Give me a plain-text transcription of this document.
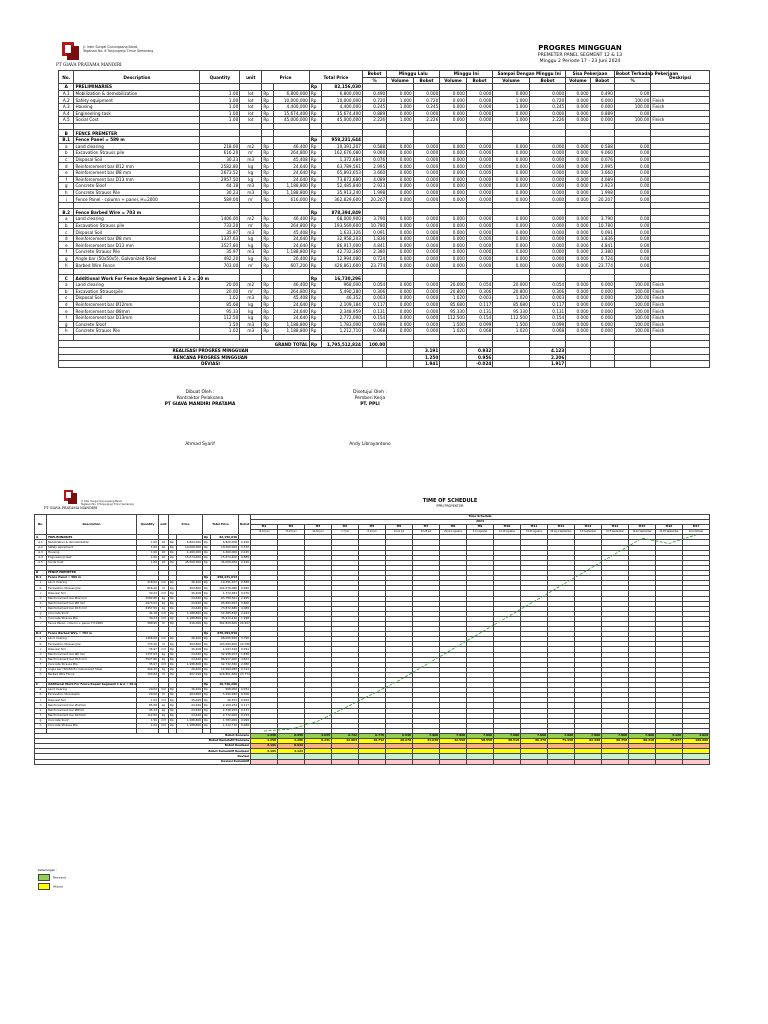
PT GIAVA PRATAMA MANDIRI
Jl. Inter Sungai Gunungsang Barat,
Tegalsari No. 8 Tanjungrejo Timur Semarang	PROGRES MINGGUAN
PREMETER PANEL SEGMENT 12 & 13
Minggu 2 Periode 17 - 23 Juni 2024
No.	Description	Quantity	unit	Price		Total Price		Bobot	Minggu Lalu		Minggu Ini		Sampai Dengan Minggu Ini		Sisa Pekerjaan		Bobot Terhadap Pekerjaan	Deskripsi
								%	Volume	Bobot	Volume	Bobot	Volume	Bobot	Volume	Bobot	%	
A	PRELIMINARIES					Rp	82,156,030											
A.1	Mobilization & demobilization	1.00	lot	Rp	6,800,000	Rp	6,800,000	0.490	0.000	0.000	0.000	0.000	0.000	0.000	0.000	0.490	0.00	
A.2	Safety equipment	1.00	lot	Rp	10,000,000	Rp	10,000,000	0.720	1.000	0.720	0.000	0.000	1.000	0.720	0.000	0.000	100.00	Finish
A.3	Housing	1.00	lot	Rp	4,400,000	Rp	4,400,000	0.245	1.000	0.245	0.000	0.000	1.000	0.245	0.000	0.000	100.00	Finish
A.4	Engineering task	1.00	lot	Rp	15,674,400	Rp	15,674,400	0.889	0.000	0.000	0.000	0.000	0.000	0.000	0.000	0.889	0.00	
A.5	Social Cost	1.00	lot	Rp	45,000,000	Rp	45,000,000	2.226	1.000	2.226	0.000	0.000	1.000	2.226	0.000	0.000	100.00	Finish

B	FENCE PREMETER																	
B.1	Fence Panel = 589 m					Rp	958,231,644											
a	Land clearing	218.00	m2	Rp	46,400	Rp	10,391,207	0.588	0.000	0.000	0.000	0.000	0.000	0.000	0.000	0.588	0.00	
b	Excavation Strauss pile	616.20	m'	Rp	264,800	Rp	162,676,080	9.060	0.000	0.000	0.000	0.000	0.000	0.000	0.000	9.060	0.00	
c	Disposal Soil	30.23	m3	Rp	45,408	Rp	1,372,684	0.076	0.000	0.000	0.000	0.000	0.000	0.000	0.000	0.076	0.00	
d	Reinforcement bar Ø12 mm	2582.80	kg	Rp	24,640	Rp	63,789,561	2.995	0.000	0.000	0.000	0.000	0.000	0.000	0.000	2.995	0.00	
e	Reinforcement bar Ø8 mm	2673.52	kg	Rp	24,640	Rp	65,893,653	3.660	0.000	0.000	0.000	0.000	0.000	0.000	0.000	3.660	0.00	
f	Reinforcement bar D13 mm	2957.50	kg	Rp	24,640	Rp	73,872,680	4.089	0.000	0.000	0.000	0.000	0.000	0.000	0.000	4.089	0.00	
g	Concrete Sloof	44.18	m3	Rp	1,188,800	Rp	52,485,840	2.923	0.000	0.000	0.000	0.000	0.000	0.000	0.000	2.923	0.00	
h	Concrete Strauss Pile	30.23	m3	Rp	1,188,800	Rp	35,913,240	1.998	0.000	0.000	0.000	0.000	0.000	0.000	0.000	1.998	0.00	
i	Fence Panel - column + panel, H=2000	589.00	m'	Rp	616,000	Rp	362,829,600	20.207	0.000	0.000	0.000	0.000	0.000	0.000	0.000	20.207	0.00	

B.2	Fence Barbed Wire = 703 m					Rp	878,394,849											
a	Land clearing	1406.00	m2	Rp	46,400	Rp	68,000,900	3.790	0.000	0.000	0.000	0.000	0.000	0.000	0.000	3.790	0.00	
b	Excavation Strauss pile	733.20	m'	Rp	264,800	Rp	193,569,600	10.780	0.000	0.000	0.000	0.000	0.000	0.000	0.000	10.780	0.00	
c	Disposal Soil	35.97	m3	Rp	45,408	Rp	1,633,326	0.091	0.000	0.000	0.000	0.000	0.000	0.000	0.000	0.091	0.00	
d	Reinforcement bar Ø8 mm	1337.63	kg	Rp	24,640	Rp	32,958,203	1.836	0.000	0.000	0.000	0.000	0.000	0.000	0.000	1.836	0.00	
e	Reinforcement bar D13 mm	3527.80	kg	Rp	24,640	Rp	86,917,000	4.841	0.000	0.000	0.000	0.000	0.000	0.000	0.000	4.841	0.00	
f	Concrete Strauss Pile	35.97	m3	Rp	1,188,800	Rp	42,732,360	2.380	0.000	0.000	0.000	0.000	0.000	0.000	0.000	2.380	0.00	
g	Angle bar (50x50x5), Galvanized Steel	492.20	kg	Rp	26,400	Rp	12,994,080	0.724	0.000	0.000	0.000	0.000	0.000	0.000	0.000	0.724	0.00	
h	Barbed Wire Fence	703.00	m'	Rp	607,200	Rp	426,861,600	23.774	0.000	0.000	0.000	0.000	0.000	0.000	0.000	23.774	0.00	

C	Additional Work For Fence Repair Segment 1 & 2 = 20 m					Rp	16,730,296											
a	Land clearing	20.00	m2	Rp	46,400	Rp	968,000	0.054	0.000	0.000	20.000	0.054	20.000	0.054	0.000	0.000	100.00	Finish
b	Excavation Strausspile	20.00	m'	Rp	264,800	Rp	5,490,280	0.306	0.000	0.000	20.800	0.306	20.800	0.306	0.000	0.000	100.00	Finish
c	Disposal Soil	1.02	m3	Rp	45,408	Rp	46,352	0.003	0.000	0.000	1.020	0.003	1.020	0.003	0.000	0.000	100.00	Finish
d	Reinforcement bar Ø12mm	85.68	kg	Rp	24,640	Rp	2,109,184	0.117	0.000	0.000	85.680	0.117	85.680	0.117	0.000	0.000	100.00	Finish
e	Reinforcement bar Ø8mm	95.33	kg	Rp	24,640	Rp	2,348,959	0.131	0.000	0.000	95.330	0.131	95.330	0.131	0.000	0.000	100.00	Finish
f	Reinforcement bar D13mm	112.50	kg	Rp	24,640	Rp	2,772,000	0.154	0.000	0.000	112.500	0.154	112.500	0.154	0.000	0.000	100.00	Finish
g	Concrete Sloof	1.50	m3	Rp	1,188,800	Rp	1,783,000	0.099	0.000	0.000	1.500	0.099	1.500	0.099	0.000	0.000	100.00	Finish
h	Concrete Strauss Pile	1.02	m3	Rp	1,188,800	Rp	1,212,710	0.068	0.000	0.000	1.020	0.068	1.020	0.068	0.000	0.000	100.00	Finish

GRAND TOTAL						Rp	1,795,512,824	100.00										
REALISASI PROGRES MINGGUAN										3.191		0.932		4.123				
RENCANA PROGRES MINGGUAN										1.250		0.956		2.206				
DEVIASI										1.941		-0.024		1.917				
Dibuat Oleh :
Kontraktor Pelaksana
PT GIAVA MANDIRI PRATAMA
Ahmad Syarif
Disetujui Oleh :
Pemberi Kerja
PT. PPLI
Andy Librayantono
PT GIAVA PRATAMA MANDIRI
Jl. Inter Sungai Gunungsang Barat,
Tegalsari No. 8 Tanjungrejo Timur Semarang
TIME OF SCHEDULE
PPRI PROYEKTOR
No.	Description	Quantity	unit	Price		Total Price		Bobot	Time Schedule																
									2024																
									M1	M2	M3	M4	M5	M6	M7	M8	M9	M10	M11	M12	M13	M14	M15	M16	M17
									10-16 Juni	17-23 Juni	24-30 Juni	1-7 Juli	8-14 Juli	15-21 Juli	22-28 Juli	29 Jul-4 Agustus	5-11 Agustus	12-18 Agustus	19-25 Agustus	26 Ag-1 September	2-8 September	9-15 September	16-22 September	23-29 September	30-6 Oktober
A	PRELIMINARIES					Rp	82,156,030																		
A.1	Mobilization & demobilization	1.00	lot	Rp	6,800,000	Rp	6,800,000	0.490																	
A.2	Safety equipment	1.00	lot	Rp	10,000,000	Rp	10,000,000	0.720																	
A.3	Housing	1.00	lot	Rp	4,400,000	Rp	4,400,000	0.245																	
A.4	Engineering task	1.00	lot	Rp	15,674,400	Rp	15,674,400	0.889																	
A.5	Social Cost	1.00	lot	Rp	45,000,000	Rp	45,000,000	2.226																	

B	FENCE PREMETER																								
B.1	Fence Panel = 589 m					Rp	958,231,644																		
a	Land clearing	218.00	m2	Rp	46,400	Rp	10,391,207	0.588																	
b	Excavation Strauss pile	616.20	m'	Rp	264,800	Rp	162,676,080	9.060																	
c	Disposal Soil	30.23	m3	Rp	45,408	Rp	1,372,684	0.076																	
d	Reinforcement bar Ø12 mm	2582.80	kg	Rp	24,640	Rp	63,789,561	2.995																	
e	Reinforcement bar Ø8 mm	2673.52	kg	Rp	24,640	Rp	65,893,653	3.660																	
f	Reinforcement bar D13 mm	2957.50	kg	Rp	24,640	Rp	73,872,680	4.089																	
g	Concrete Sloof	44.18	m3	Rp	1,188,800	Rp	52,485,840	2.923																	
h	Concrete Strauss Pile	30.23	m3	Rp	1,188,800	Rp	35,913,240	1.998																	
i	Fence Panel - column + panel, H=2000	589.00	m'	Rp	616,000	Rp	362,829,600	20.207																	

B.2	Fence Barbed Wire = 703 m					Rp	878,394,849																		
a	Land clearing	1406.00	m2	Rp	46,400	Rp	68,000,900	3.790																	
b	Excavation Strauss pile	733.20	m'	Rp	264,800	Rp	193,569,600	10.780																	
c	Disposal Soil	35.97	m3	Rp	45,408	Rp	1,633,326	0.091																	
d	Reinforcement bar Ø8 mm	1337.63	kg	Rp	24,640	Rp	32,958,203	1.836																	
e	Reinforcement bar D13 mm	3527.80	kg	Rp	24,640	Rp	86,917,000	4.841																	
f	Concrete Strauss Pile	35.97	m3	Rp	1,188,800	Rp	42,732,360	2.380																	
g	Angle bar (50x50x5), Galvanized Steel	492.20	kg	Rp	26,400	Rp	12,994,080	0.724																	
h	Barbed Wire Fence	703.00	m'	Rp	607,200	Rp	426,861,600	23.774																	

C	Additional Work For Fence Repair Segment 1 & 2 = 20 m					Rp	16,730,296																		
a	Land clearing	20.00	m2	Rp	46,400	Rp	968,000	0.054																	
b	Excavation Strausspile	20.00	m'	Rp	264,800	Rp	5,490,280	0.306																	
c	Disposal Soil	1.02	m3	Rp	45,408	Rp	46,352	0.003																	
d	Reinforcement bar Ø12mm	85.68	kg	Rp	24,640	Rp	2,109,184	0.117																	
e	Reinforcement bar Ø8mm	95.33	kg	Rp	24,640	Rp	2,348,959	0.131																	
f	Reinforcement bar D13mm	112.50	kg	Rp	24,640	Rp	2,772,000	0.154																	
g	Concrete Sloof	1.50	m3	Rp	1,188,800	Rp	1,783,000	0.099																	
h	Concrete Strauss Pile	1.02	m3	Rp	1,188,800	Rp	1,212,710	0.068																	

Bobot Rencana									1.250	0.956	4.035	6.722	6.779	6.936	7.960	7.960	7.960	7.960	7.960	7.960	7.960	7.960	7.960	4.129	2.029
Bobot Kumulatif Rencana									1.250	2.206	6.241	12.963	19.742	26.678	34.638	42.598	50.558	58.518	66.478	74.438	82.398	90.358	98.318	95.677	100.000
Bobot Realisasi									3.191	0.932															
Bobot Kumulatif Realisasi									3.191	4.123															
Deviasi																									
Deviasi Kumulatif																									
Keterangan :
Rencana
Aktual
